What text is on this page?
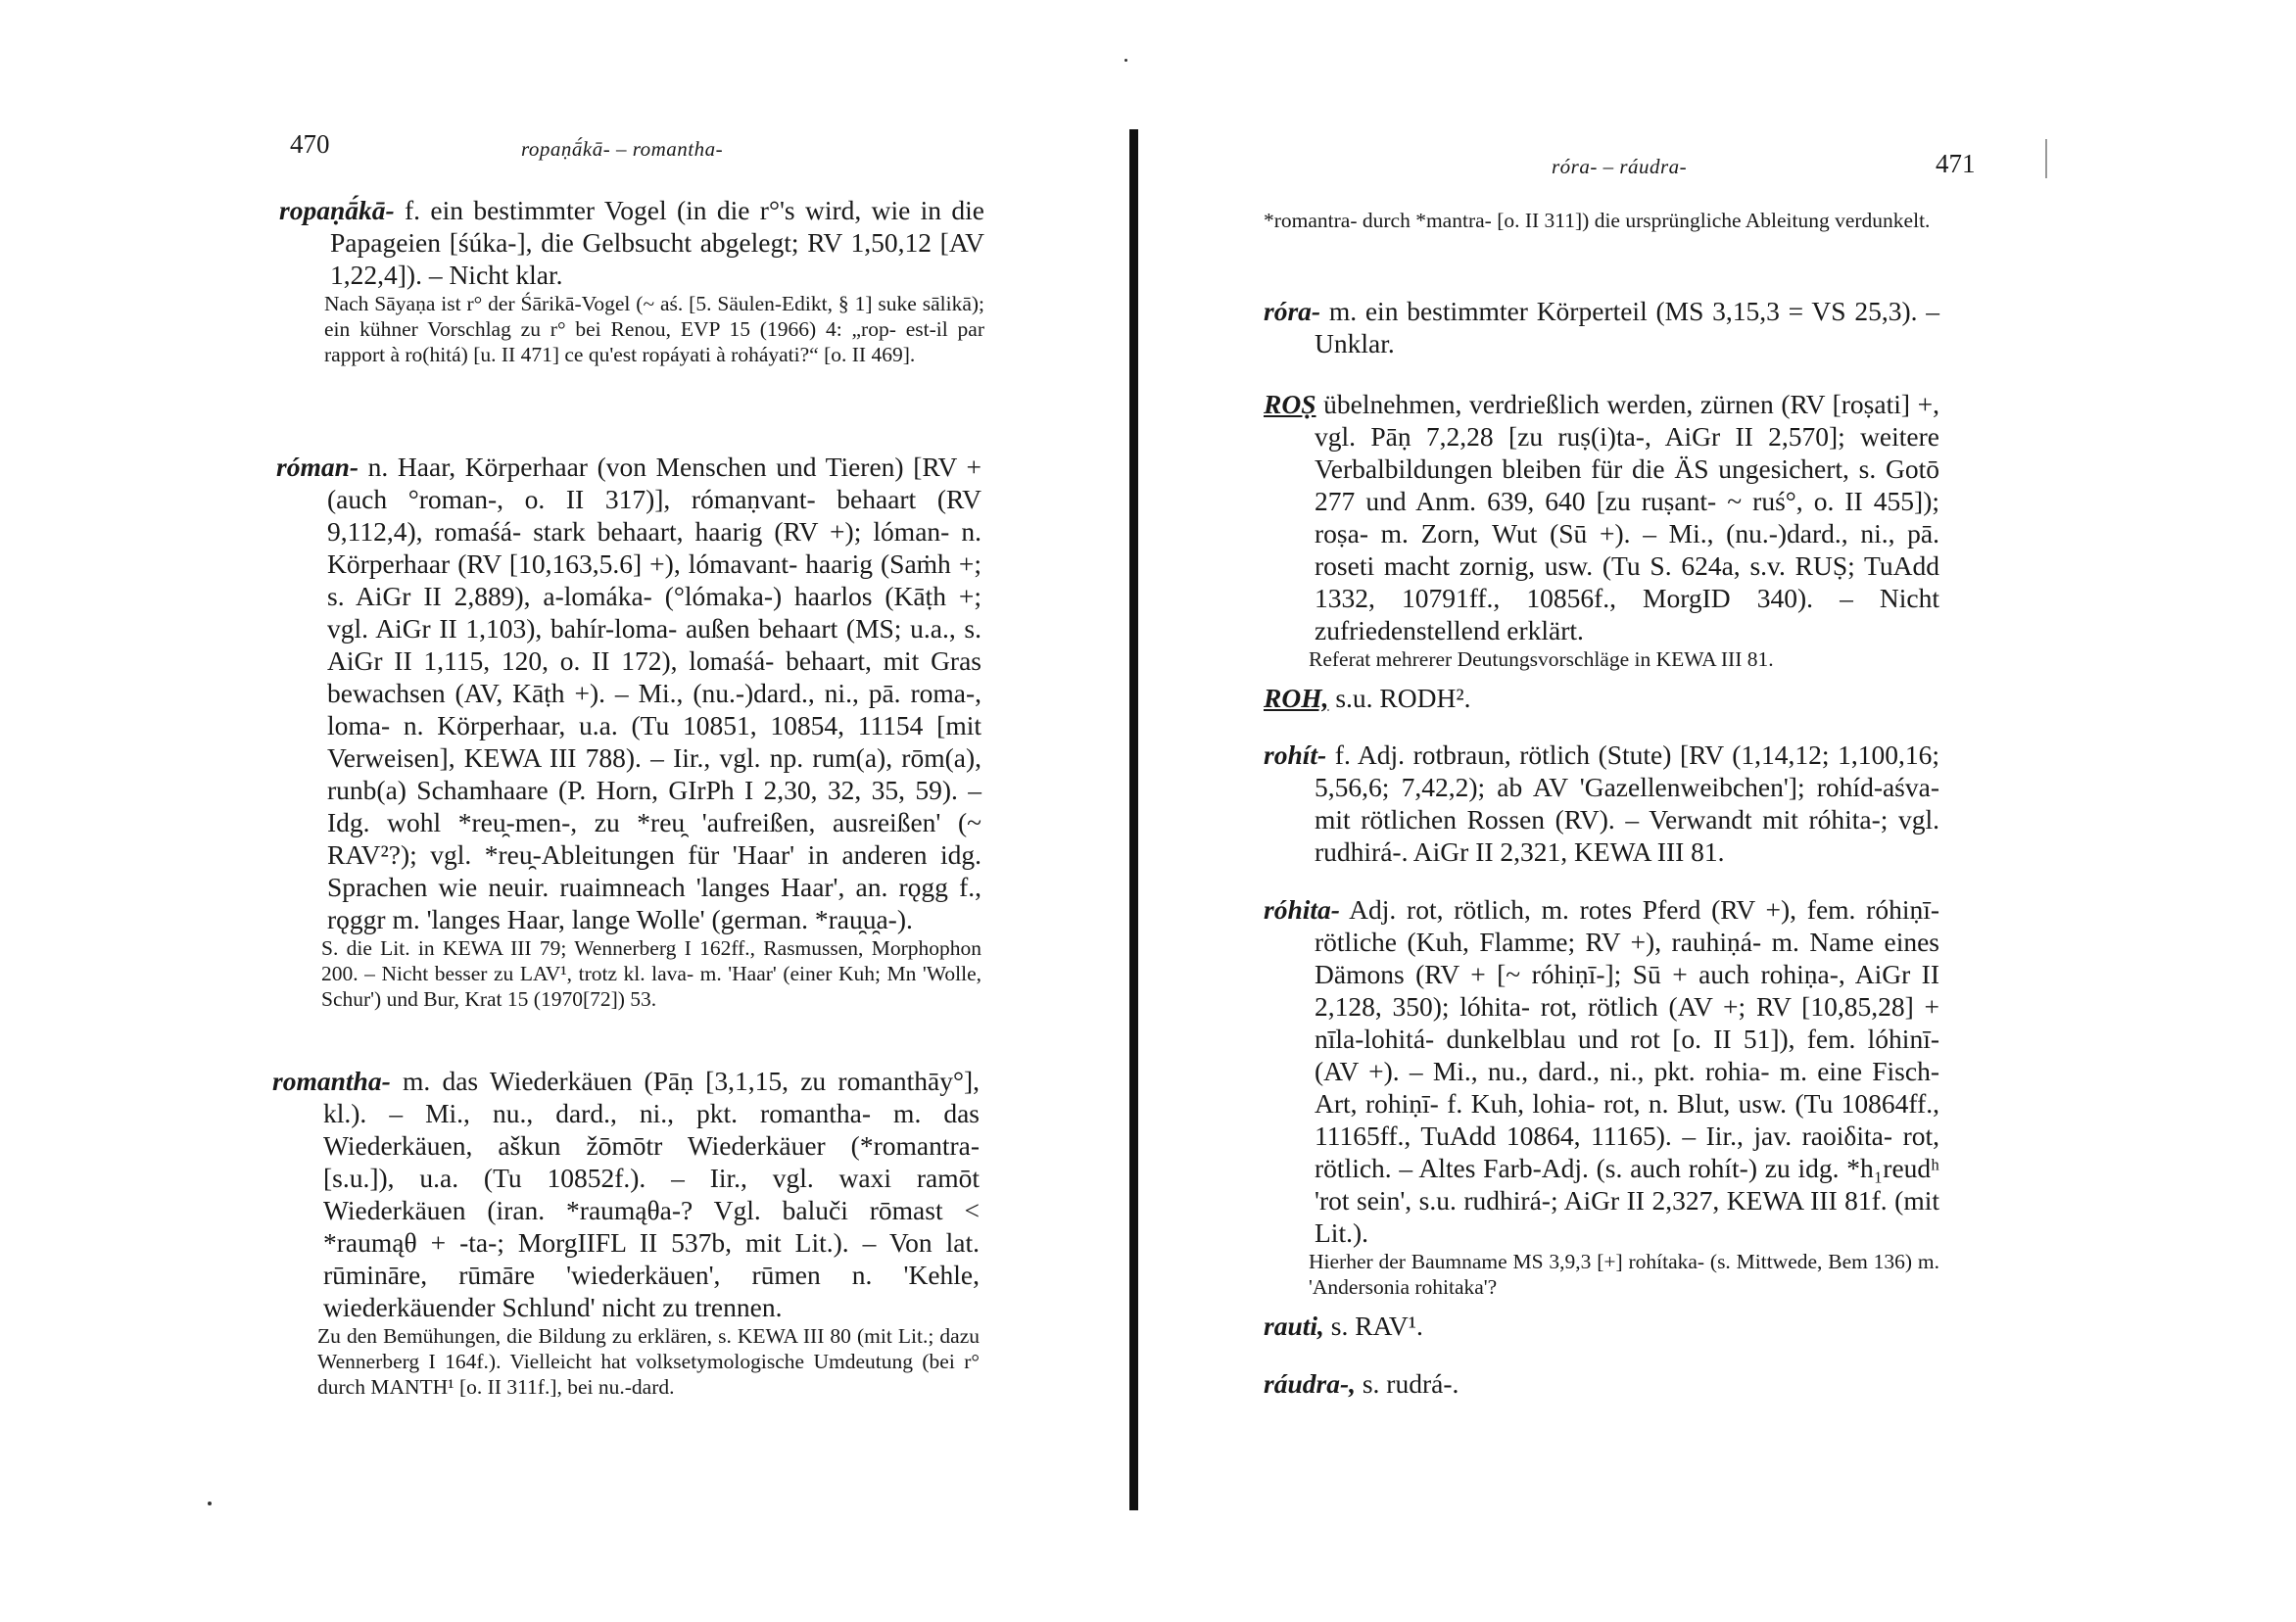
470	ropaṇā́kā- – romantha-

ropaṇā́kā- f. ein bestimmter Vogel (in die r°'s wird, wie in die Papageien [śúka-], die Gelbsucht abgelegt; RV 1,50,12 [AV 1,22,4]). – Nicht klar.

Nach Sāyaṇa ist r° der Śārikā-Vogel (~ aś. [5. Säulen-Edikt, § 1] suke sālikā); ein kühner Vorschlag zu r° bei Renou, EVP 15 (1966) 4: „rop- est-il par rapport à ro(hitá) [u. II 471] ce qu'est ropáyati à roháyati?“ [o. II 469].

róman- n. Haar, Körperhaar (von Menschen und Tieren) [RV + (auch °roman-, o. II 317)], rómaṇvant- behaart (RV 9,112,4), romaśá- stark behaart, haarig (RV +); lóman- n. Körperhaar (RV [10,163,5.6] +), lómavant- haarig (Saṁh +; s. AiGr II 2,889), a-lomáka- (°lómaka-) haarlos (Kāṭh +; vgl. AiGr II 1,103), bahír-loma- außen behaart (MS; u.a., s. AiGr II 1,115, 120, o. II 172), lomaśá- behaart, mit Gras bewachsen (AV, Kāṭh +). – Mi., (nu.-)dard., ni., pā. roma-, loma- n. Körperhaar, u.a. (Tu 10851, 10854, 11154 [mit Verweisen], KEWA III 788). – Iir., vgl. np. rum(a), rōm(a), runb(a) Schamhaare (P. Horn, GIrPh I 2,30, 32, 35, 59). – Idg. wohl *reu̯-men-, zu *reu̯ 'aufreißen, ausreißen' (~ RAV²?); vgl. *reu̯-Ableitungen für 'Haar' in anderen idg. Sprachen wie neuir. ruaimneach 'langes Haar', an. rǫgg f., rǫggr m. 'langes Haar, lange Wolle' (german. *rau̯u̯a-).

S. die Lit. in KEWA III 79; Wennerberg I 162ff., Rasmussen, Morphophon 200. – Nicht besser zu LAV¹, trotz kl. lava- m. 'Haar' (einer Kuh; Mn 'Wolle, Schur') und Bur, Krat 15 (1970[72]) 53.

romantha- m. das Wiederkäuen (Pāṇ [3,1,15, zu romanthāy°], kl.). – Mi., nu., dard., ni., pkt. romantha- m. das Wiederkäuen, aškun žōmōtr Wiederkäuer (*romantra- [s.u.]), u.a. (Tu 10852f.). – Iir., vgl. waxi ramōt Wiederkäuen (iran. *raumąθa-? Vgl. baluči rōmast < *raumąθ + -ta-; MorgIIFL II 537b, mit Lit.). – Von lat. rūmināre, rūmāre 'wiederkäuen', rūmen n. 'Kehle, wiederkäuender Schlund' nicht zu trennen.

Zu den Bemühungen, die Bildung zu erklären, s. KEWA III 80 (mit Lit.; dazu Wennerberg I 164f.). Vielleicht hat volksetymologische Umdeutung (bei r° durch MANTH¹ [o. II 311f.], bei nu.-dard.

róra- – ráudra-	471

*romantra- durch *mantra- [o. II 311]) die ursprüngliche Ableitung verdunkelt.

róra- m. ein bestimmter Körperteil (MS 3,15,3 = VS 25,3). – Unklar.

ROṢ übelnehmen, verdrießlich werden, zürnen (RV [roṣati] +, vgl. Pāṇ 7,2,28 [zu ruṣ(i)ta-, AiGr II 2,570]; weitere Verbalbildungen bleiben für die ÄS ungesichert, s. Gotō 277 und Anm. 639, 640 [zu ruṣant- ~ ruś°, o. II 455]); roṣa- m. Zorn, Wut (Sū +). – Mi., (nu.-)dard., ni., pā. roseti macht zornig, usw. (Tu S. 624a, s.v. RUṢ; TuAdd 1332, 10791ff., 10856f., MorgID 340). – Nicht zufriedenstellend erklärt.

Referat mehrerer Deutungsvorschläge in KEWA III 81.

ROH, s.u. RODH².

rohít- f. Adj. rotbraun, rötlich (Stute) [RV (1,14,12; 1,100,16; 5,56,6; 7,42,2); ab AV 'Gazellenweibchen']; rohíd-aśva- mit rötlichen Rossen (RV). – Verwandt mit róhita-; vgl. rudhirá-. AiGr II 2,321, KEWA III 81.

róhita- Adj. rot, rötlich, m. rotes Pferd (RV +), fem. róhiṇī- rötliche (Kuh, Flamme; RV +), rauhiṇá- m. Name eines Dämons (RV + [~ róhiṇī-]; Sū + auch rohiṇa-, AiGr II 2,128, 350); lóhita- rot, rötlich (AV +; RV [10,85,28] + nīla-lohitá- dunkelblau und rot [o. II 51]), fem. lóhinī- (AV +). – Mi., nu., dard., ni., pkt. rohia- m. eine Fisch-Art, rohiṇī- f. Kuh, lohia- rot, n. Blut, usw. (Tu 10864ff., 11165ff., TuAdd 10864, 11165). – Iir., jav. raoiδita- rot, rötlich. – Altes Farb-Adj. (s. auch rohít-) zu idg. *h₁reudʰ 'rot sein', s.u. rudhirá-; AiGr II 2,327, KEWA III 81f. (mit Lit.).

Hierher der Baumname MS 3,9,3 [+] rohítaka- (s. Mittwede, Bem 136) m. 'Andersonia rohitaka'?

rauti, s. RAV¹.

ráudra-, s. rudrá-.
